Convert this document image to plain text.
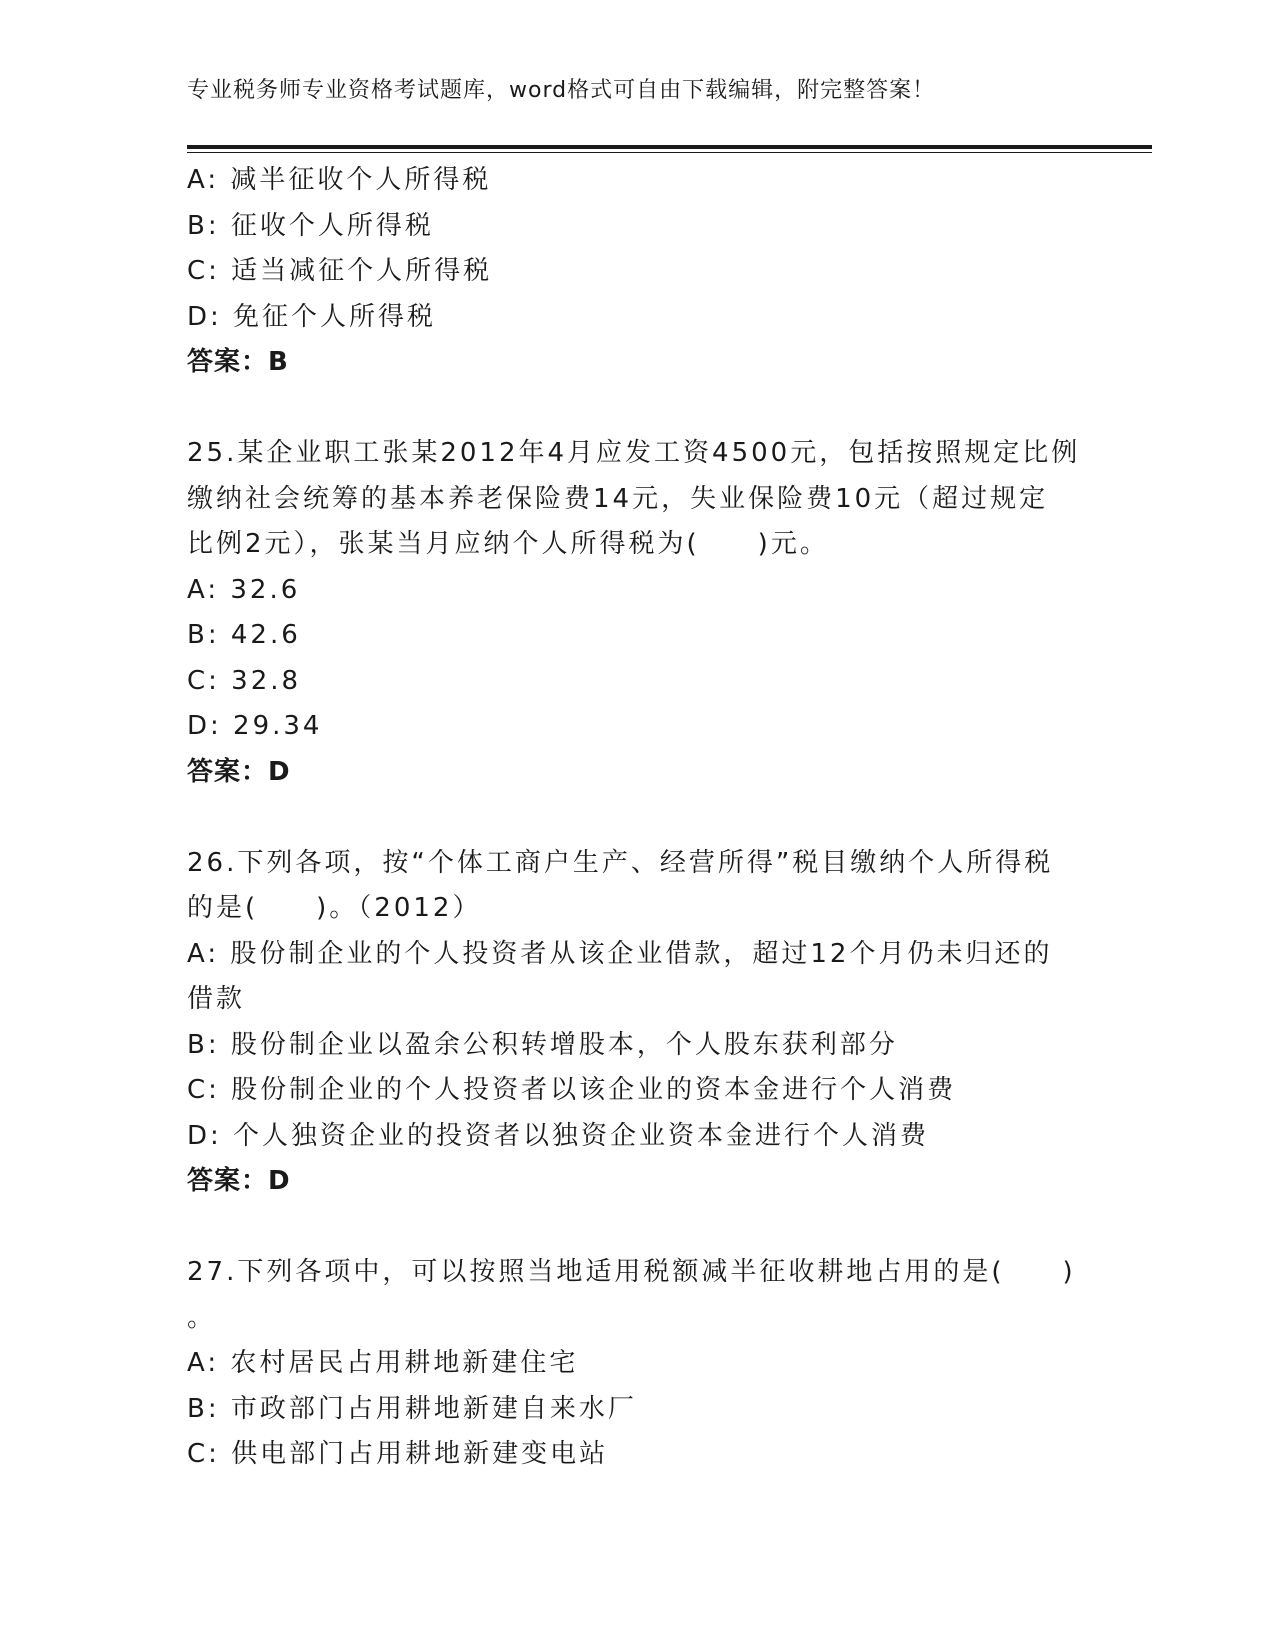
专业税务师专业资格考试题库，word格式可自由下载编辑，附完整答案！
A: 减半征收个人所得税
B: 征收个人所得税
C: 适当减征个人所得税
D: 免征个人所得税
答案：B
25.某企业职工张某2012年4月应发工资4500元，包括按照规定比例
缴纳社会统筹的基本养老保险费14元，失业保险费10元（超过规定
比例2元），张某当月应纳个人所得税为(　　)元。
A: 32.6
B: 42.6
C: 32.8
D: 29.34
答案：D
26.下列各项，按“个体工商户生产、经营所得”税目缴纳个人所得税
的是(　　)。（2012）
A: 股份制企业的个人投资者从该企业借款，超过12个月仍未归还的
借款
B: 股份制企业以盈余公积转增股本，个人股东获利部分
C: 股份制企业的个人投资者以该企业的资本金进行个人消费
D: 个人独资企业的投资者以独资企业资本金进行个人消费
答案：D
27.下列各项中，可以按照当地适用税额减半征收耕地占用的是(　　)
。
A: 农村居民占用耕地新建住宅
B: 市政部门占用耕地新建自来水厂
C: 供电部门占用耕地新建变电站
